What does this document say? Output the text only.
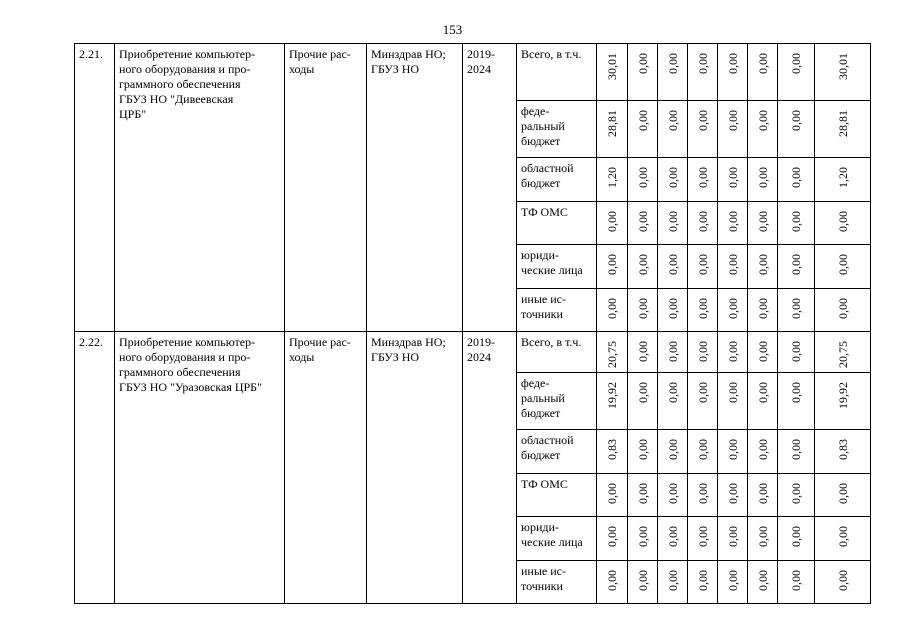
153
2.21.	Приобретение компьютер-
ного оборудования и про-
граммного обеспечения
ГБУЗ НО "Дивеевская
ЦРБ"	Прочие рас-
ходы	Минздрав НО;
ГБУЗ НО	2019-
2024	Всего, в т.ч.	30,01	0,00	0,00	0,00	0,00	0,00	0,00	30,01

					феде-
ральный
бюджет	28,81	0,00	0,00	0,00	0,00	0,00	0,00	28,81

					областной
бюджет	1,20	0,00	0,00	0,00	0,00	0,00	0,00	1,20

					ТФ ОМС	0,00	0,00	0,00	0,00	0,00	0,00	0,00	0,00

					юриди-
ческие лица	0,00	0,00	0,00	0,00	0,00	0,00	0,00	0,00

					иные ис-
точники	0,00	0,00	0,00	0,00	0,00	0,00	0,00	0,00

2.22.	Приобретение компьютер-
ного оборудования и про-
граммного обеспечения
ГБУЗ НО "Уразовская ЦРБ"	Прочие рас-
ходы	Минздрав НО;
ГБУЗ НО	2019-
2024	Всего, в т.ч.	20,75	0,00	0,00	0,00	0,00	0,00	0,00	20,75

					феде-
ральный
бюджет	19,92	0,00	0,00	0,00	0,00	0,00	0,00	19,92

					областной
бюджет	0,83	0,00	0,00	0,00	0,00	0,00	0,00	0,83

					ТФ ОМС	0,00	0,00	0,00	0,00	0,00	0,00	0,00	0,00

					юриди-
ческие лица	0,00	0,00	0,00	0,00	0,00	0,00	0,00	0,00

					иные ис-
точники	0,00	0,00	0,00	0,00	0,00	0,00	0,00	0,00
